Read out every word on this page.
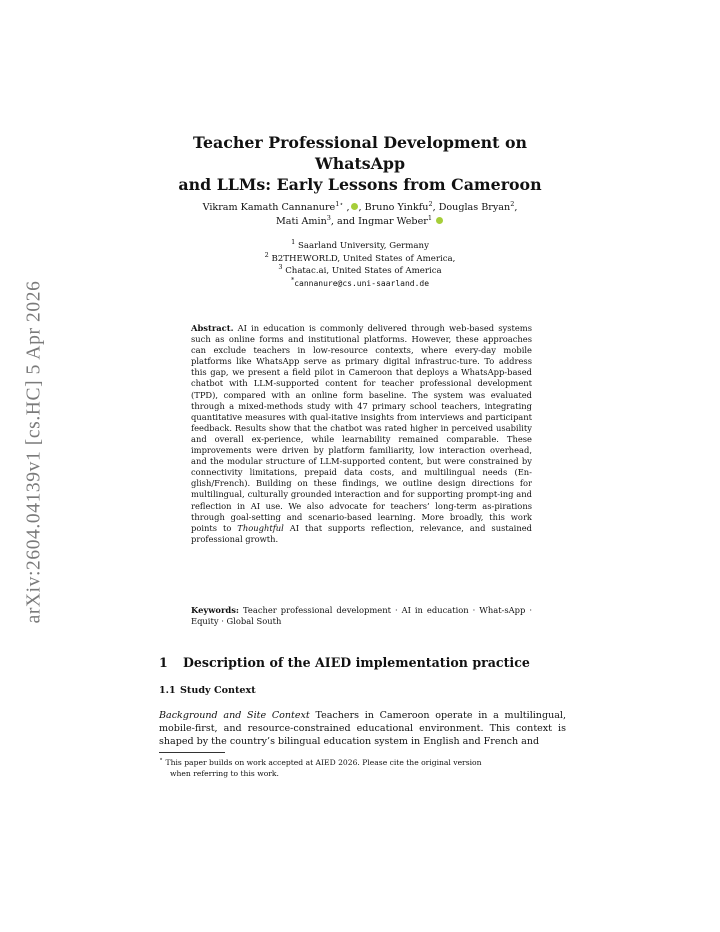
arXiv:2604.04139v1 [cs.HC] 5 Apr 2026
Teacher Professional Development on WhatsApp
and LLMs: Early Lessons from Cameroon
Vikram Kamath Cannanure$^{1⋆}$ , , Bruno Yinkfu$^2$, Douglas Bryan$^2$,
Mati Amin$^3$, and Ingmar Weber$^1$
$^1$ Saarland University, Germany
$^2$ B2THEWORLD, United States of America,
$^3$ Chatac.ai, United States of America
*cannanure@cs.uni-saarland.de

Abstract. AI in education is commonly delivered through web-based systems such as online forms and institutional platforms. However, these approaches can exclude teachers in low-resource contexts, where every-day mobile platforms like WhatsApp serve as primary digital infrastruc-ture. To address this gap, we present a field pilot in Cameroon that deploys a WhatsApp-based chatbot with LLM-supported content for teacher professional development (TPD), compared with an online form baseline. The system was evaluated through a mixed-methods study with 47 primary school teachers, integrating quantitative measures with qual-itative insights from interviews and participant feedback. Results show that the chatbot was rated higher in perceived usability and overall ex-perience, while learnability remained comparable. These improvements were driven by platform familiarity, low interaction overhead, and the modular structure of LLM-supported content, but were constrained by connectivity limitations, prepaid data costs, and multilingual needs (En-glish/French). Building on these findings, we outline design directions for multilingual, culturally grounded interaction and for supporting prompt-ing and reflection in AI use. We also advocate for teachers’ long-term as-pirations through goal-setting and scenario-based learning. More broadly, this work points to Thoughtful AI that supports reflection, relevance, and sustained professional growth.

Keywords: Teacher professional development · AI in education · What-sApp · Equity · Global South

1 Description of the AIED implementation practice
1.1 Study Context

Background and Site Context Teachers in Cameroon operate in a multilingual, mobile-first, and resource-constrained educational environment. This context is shaped by the country’s bilingual education system in English and French and

⋆ This paper builds on work accepted at AIED 2026. Please cite the original version
when referring to this work.
